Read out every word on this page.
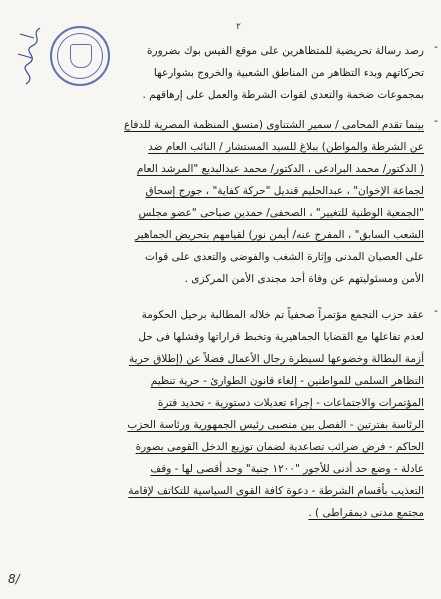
٢
-
رصد رسالة تحريضية للمتظاهرين على موقع الفيس بوك بضرورة
تحركاتهم وبدء التظاهر من المناطق الشعبية والخروج بشوارعها
بمجموعات ضخمة والتعدى لقوات الشرطة والعمل على إرهاقهم .
-
بينما تقدم المحامى / سمير الشتناوى (منسق المنظمة المصرية للدفاع
عن الشرطة والمواطن) ببلاغ للسيد المستشار / النائب العام ضد
( الدكتور/ محمد البرادعى ، الدكتور/ محمد عبدالبديع "المرشد العام
لجماعة الإخوان" ، عبدالحليم قنديل "حركة كفاية" ، جورج إسحاق
"الجمعية الوطنية للتغيير" ، الصحفى/ حمدين صباحى "عضو مجلس
الشعب السابق" ، المفرج عنه/ أيمن نور) لقيامهم بتحريض الجماهير
على العصيان المدنى وإثارة الشغب والفوضى والتعدى على قوات
الأمن ومسئوليتهم عن وفاة أحد مجندى الأمن المركزى .
-
عقد حزب التجمع مؤتمراً صحفياً تم خلاله المطالبة برحيل الحكومة
لعدم تفاعلها مع القضايا الجماهيرية وتخبط قراراتها وفشلها فى حل
أزمة البطالة وخضوعها لسيطرة رجال الأعمال فضلاً عن (إطلاق حرية
التظاهر السلمى للمواطنين - إلغاء قانون الطوارئ - حرية تنظيم
المؤتمرات والاجتماعات - إجراء تعديلات دستورية - تحديد فترة
الرئاسة بفترتين - الفصل بين منصبى رئيس الجمهورية ورئاسة الحزب
الحاكم - فرض ضرائب تصاعدية لضمان توزيع الدخل القومى بصورة
عادلة - وضع حد أدنى للأجور "١٢٠٠ جنية" وحد أقصى لها - وقف
التعذيب بأقسام الشرطة - دعوة كافة القوى السياسية للتكاتف لإقامة
مجتمع مدنى ديمقراطى ) .
8/
